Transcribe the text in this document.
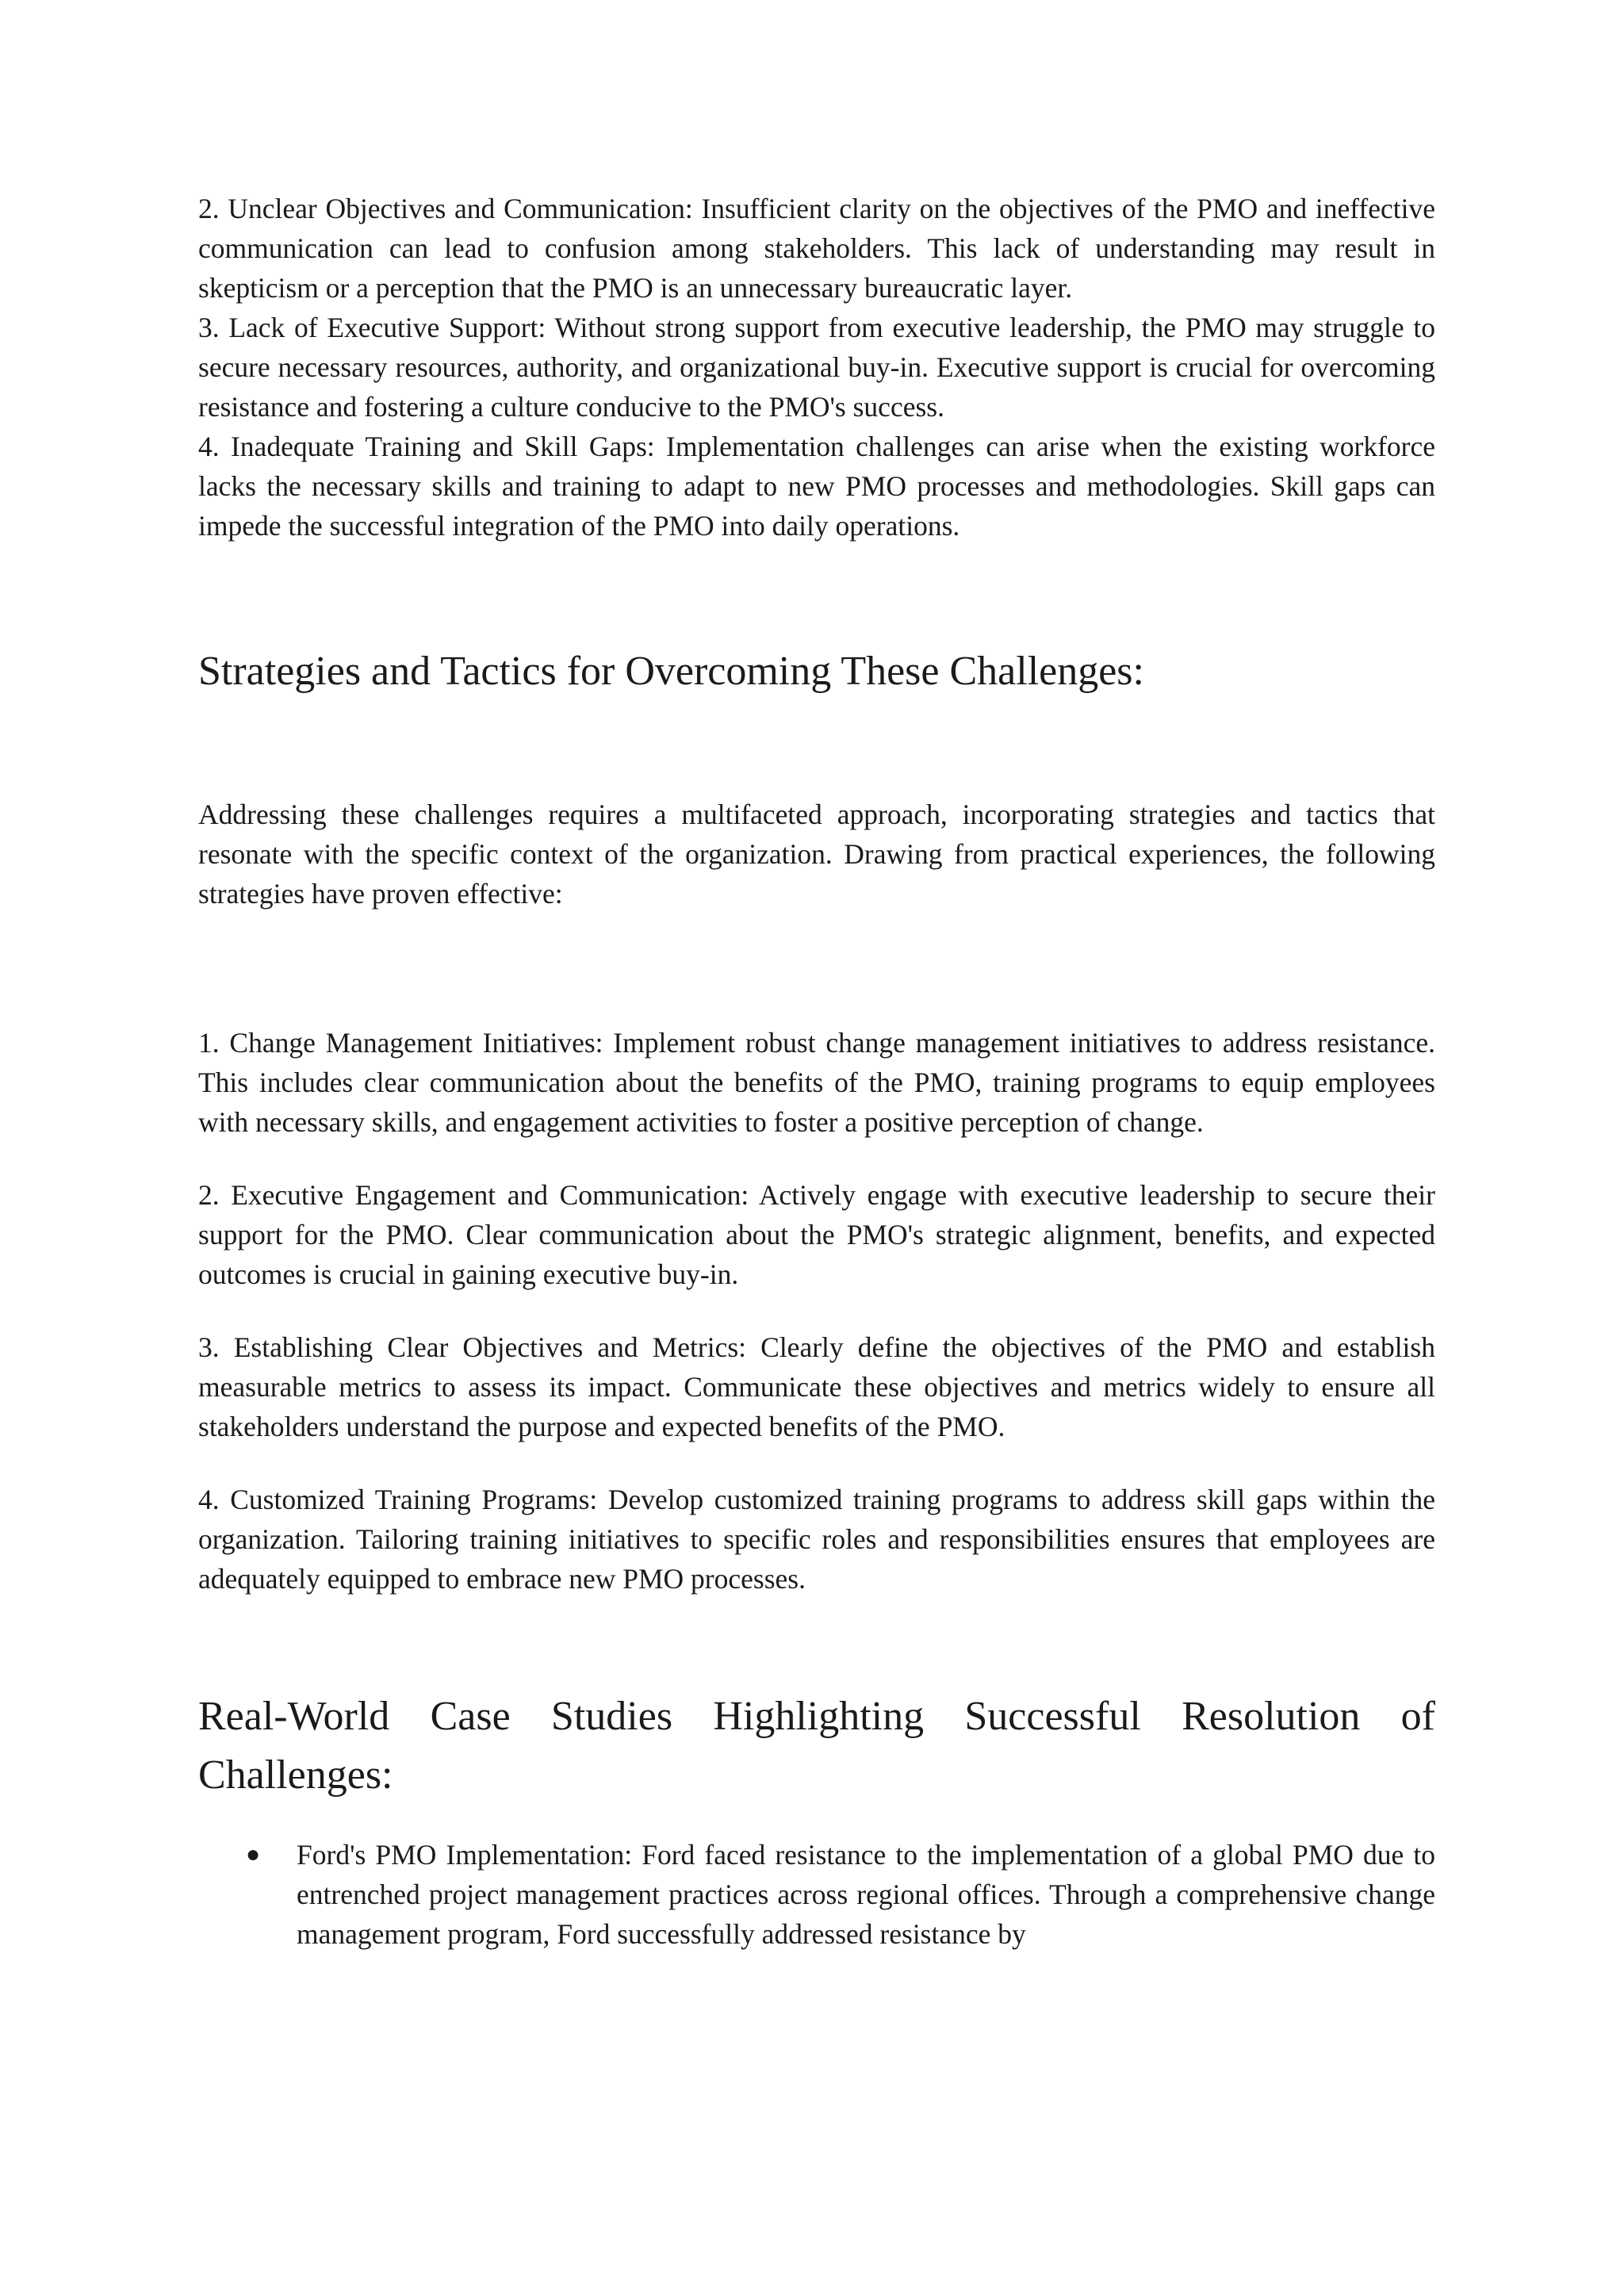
2. Unclear Objectives and Communication: Insufficient clarity on the objectives of the PMO and ineffective communication can lead to confusion among stakeholders. This lack of understanding may result in skepticism or a perception that the PMO is an unnecessary bureaucratic layer.

3. Lack of Executive Support: Without strong support from executive leadership, the PMO may struggle to secure necessary resources, authority, and organizational buy-in. Executive support is crucial for overcoming resistance and fostering a culture conducive to the PMO's success.

4. Inadequate Training and Skill Gaps: Implementation challenges can arise when the existing workforce lacks the necessary skills and training to adapt to new PMO processes and methodologies. Skill gaps can impede the successful integration of the PMO into daily operations.

Strategies and Tactics for Overcoming These Challenges:

Addressing these challenges requires a multifaceted approach, incorporating strategies and tactics that resonate with the specific context of the organization. Drawing from practical experiences, the following strategies have proven effective:

1. Change Management Initiatives: Implement robust change management initiatives to address resistance. This includes clear communication about the benefits of the PMO, training programs to equip employees with necessary skills, and engagement activities to foster a positive perception of change.

2. Executive Engagement and Communication: Actively engage with executive leadership to secure their support for the PMO. Clear communication about the PMO's strategic alignment, benefits, and expected outcomes is crucial in gaining executive buy-in.

3. Establishing Clear Objectives and Metrics: Clearly define the objectives of the PMO and establish measurable metrics to assess its impact. Communicate these objectives and metrics widely to ensure all stakeholders understand the purpose and expected benefits of the PMO.

4. Customized Training Programs: Develop customized training programs to address skill gaps within the organization. Tailoring training initiatives to specific roles and responsibilities ensures that employees are adequately equipped to embrace new PMO processes.

Real-World Case Studies Highlighting Successful Resolution of Challenges:
● Ford's PMO Implementation: Ford faced resistance to the implementation of a global PMO due to entrenched project management practices across regional offices. Through a comprehensive change management program, Ford successfully addressed resistance by
